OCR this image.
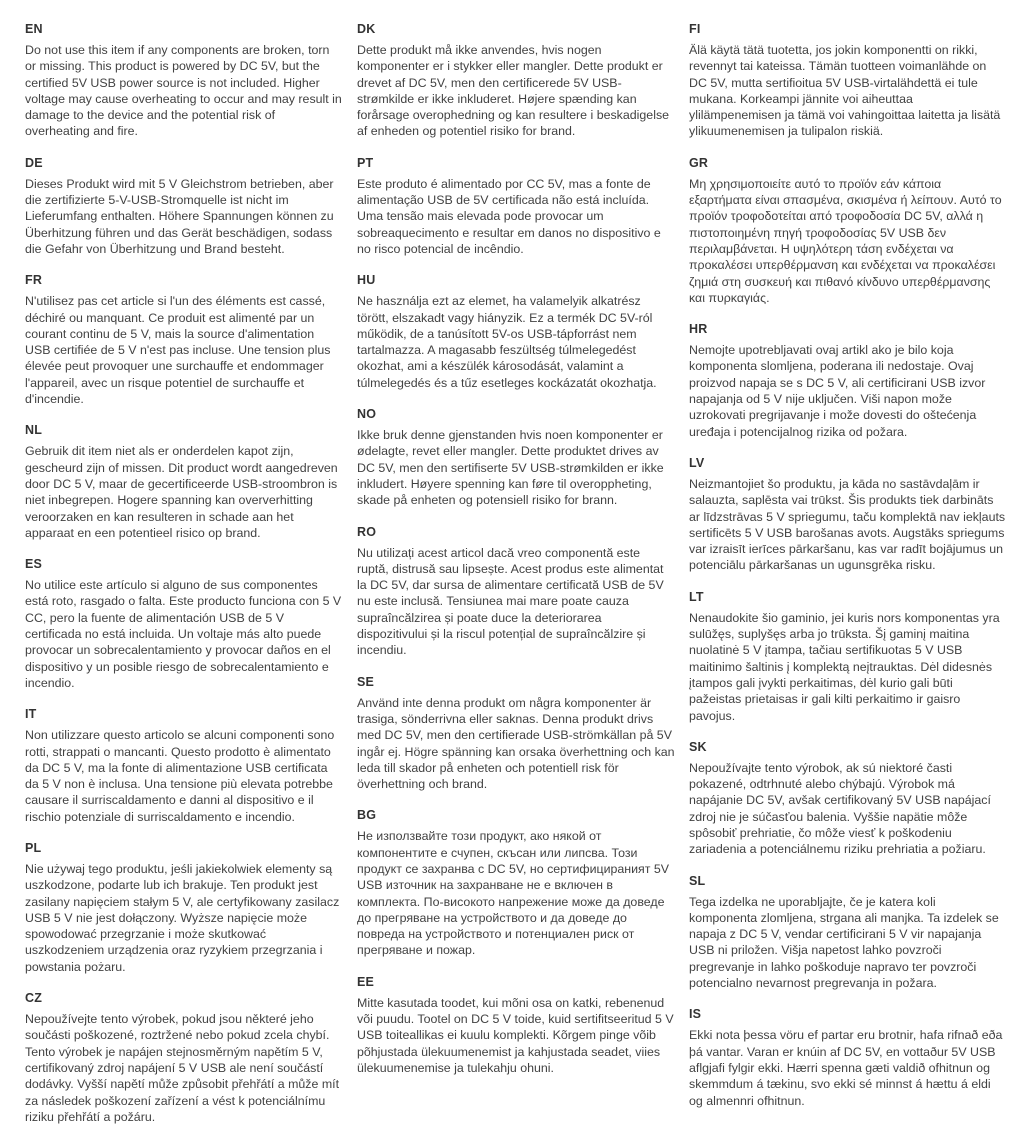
EN

Do not use this item if any components are broken, torn or missing. This product is powered by DC 5V, but the certified 5V USB power source is not included. Higher voltage may cause overheating to occur and may result in damage to the device and the potential risk of overheating and fire.

DE

Dieses Produkt wird mit 5 V Gleichstrom betrieben, aber die zertifizierte 5-V-USB-Stromquelle ist nicht im Lieferumfang enthalten. Höhere Spannungen können zu Überhitzung führen und das Gerät beschädigen, sodass die Gefahr von Überhitzung und Brand besteht.

FR

N'utilisez pas cet article si l'un des éléments est cassé, déchiré ou manquant. Ce produit est alimenté par un courant continu de 5 V, mais la source d'alimentation USB certifiée de 5 V n'est pas incluse. Une tension plus élevée peut provoquer une surchauffe et endommager l'appareil, avec un risque potentiel de surchauffe et d'incendie.

NL

Gebruik dit item niet als er onderdelen kapot zijn, gescheurd zijn of missen. Dit product wordt aangedreven door DC 5 V, maar de gecertificeerde USB-stroombron is niet inbegrepen. Hogere spanning kan oververhitting veroorzaken en kan resulteren in schade aan het apparaat en een potentieel risico op brand.

ES

No utilice este artículo si alguno de sus componentes está roto, rasgado o falta. Este producto funciona con 5 V CC, pero la fuente de alimentación USB de 5 V certificada no está incluida. Un voltaje más alto puede provocar un sobrecalentamiento y provocar daños en el dispositivo y un posible riesgo de sobrecalentamiento e incendio.

IT

Non utilizzare questo articolo se alcuni componenti sono rotti, strappati o mancanti. Questo prodotto è alimentato da DC 5 V, ma la fonte di alimentazione USB certificata da 5 V non è inclusa. Una tensione più elevata potrebbe causare il surriscaldamento e danni al dispositivo e il rischio potenziale di surriscaldamento e incendio.

PL

Nie używaj tego produktu, jeśli jakiekolwiek elementy są uszkodzone, podarte lub ich brakuje. Ten produkt jest zasilany napięciem stałym 5 V, ale certyfikowany zasilacz USB 5 V nie jest dołączony. Wyższe napięcie może spowodować przegrzanie i może skutkować uszkodzeniem urządzenia oraz ryzykiem przegrzania i powstania pożaru.

CZ

Nepoužívejte tento výrobek, pokud jsou některé jeho součásti poškozené, roztržené nebo pokud zcela chybí. Tento výrobek je napájen stejnosměrným napětím 5 V, certifikovaný zdroj napájení 5 V USB ale není součástí dodávky. Vyšší napětí může způsobit přehřátí a může mít za následek poškození zařízení a vést k potenciálnímu riziku přehřátí a požáru.

DK

Dette produkt må ikke anvendes, hvis nogen komponenter er i stykker eller mangler. Dette produkt er drevet af DC 5V, men den certificerede 5V USB-strømkilde er ikke inkluderet. Højere spænding kan forårsage overophedning og kan resultere i beskadigelse af enheden og potentiel risiko for brand.

PT

Este produto é alimentado por CC 5V, mas a fonte de alimentação USB de 5V certificada não está incluída. Uma tensão mais elevada pode provocar um sobreaquecimento e resultar em danos no dispositivo e no risco potencial de incêndio.

HU

Ne használja ezt az elemet, ha valamelyik alkatrész törött, elszakadt vagy hiányzik. Ez a termék DC 5V-ról működik, de a tanúsított 5V-os USB-tápforrást nem tartalmazza. A magasabb feszültség túlmelegedést okozhat, ami a készülék károsodását, valamint a túlmelegedés és a tűz esetleges kockázatát okozhatja.

NO

Ikke bruk denne gjenstanden hvis noen komponenter er ødelagte, revet eller mangler. Dette produktet drives av DC 5V, men den sertifiserte 5V USB-strømkilden er ikke inkludert. Høyere spenning kan føre til overoppheting, skade på enheten og potensiell risiko for brann.

RO

Nu utilizați acest articol dacă vreo componentă este ruptă, distrusă sau lipsește. Acest produs este alimentat la DC 5V, dar sursa de alimentare certificată USB de 5V nu este inclusă. Tensiunea mai mare poate cauza supraîncălzirea și poate duce la deteriorarea dispozitivului și la riscul potențial de supraîncălzire și incendiu.

SE

Använd inte denna produkt om några komponenter är trasiga, sönderrivna eller saknas. Denna produkt drivs med DC 5V, men den certifierade USB-strömkällan på 5V ingår ej. Högre spänning kan orsaka överhettning och kan leda till skador på enheten och potentiell risk för överhettning och brand.

BG

Не използвайте този продукт, ако някой от компонентите е счупен, скъсан или липсва. Този продукт се захранва с DC 5V, но сертифицираният 5V USB източник на захранване не е включен в комплекта. По-високото напрежение може да доведе до прегряване на устройството и да доведе до повреда на устройството и потенциален риск от прегряване и пожар.

EE

Mitte kasutada toodet, kui mõni osa on katki, rebenenud või puudu. Tootel on DC 5 V toide, kuid sertifitseeritud 5 V USB toiteallikas ei kuulu komplekti. Kõrgem pinge võib põhjustada ülekuumenemist ja kahjustada seadet, viies ülekuumenemise ja tulekahju ohuni.

FI

Älä käytä tätä tuotetta, jos jokin komponentti on rikki, revennyt tai kateissa. Tämän tuotteen voimanlähde on DC 5V, mutta sertifioitua 5V USB-virtalähdettä ei tule mukana. Korkeampi jännite voi aiheuttaa ylilämpenemisen ja tämä voi vahingoittaa laitetta ja lisätä ylikuumenemisen ja tulipalon riskiä.

GR

Μη χρησιμοποιείτε αυτό το προϊόν εάν κάποια εξαρτήματα είναι σπασμένα, σκισμένα ή λείπουν. Αυτό το προϊόν τροφοδοτείται από τροφοδοσία DC 5V, αλλά η πιστοποιημένη πηγή τροφοδοσίας 5V USB δεν περιλαμβάνεται. Η υψηλότερη τάση ενδέχεται να προκαλέσει υπερθέρμανση και ενδέχεται να προκαλέσει ζημιά στη συσκευή και πιθανό κίνδυνο υπερθέρμανσης και πυρκαγιάς.

HR

Nemojte upotrebljavati ovaj artikl ako je bilo koja komponenta slomljena, poderana ili nedostaje. Ovaj proizvod napaja se s DC 5 V, ali certificirani USB izvor napajanja od 5 V nije uključen. Viši napon može uzrokovati pregrijavanje i može dovesti do oštećenja uređaja i potencijalnog rizika od požara.

LV

Neizmantojiet šo produktu, ja kāda no sastāvdaļām ir salauzta, saplēsta vai trūkst. Šis produkts tiek darbināts ar līdzstrāvas 5 V spriegumu, taču komplektā nav iekļauts sertificēts 5 V USB barošanas avots. Augstāks spriegums var izraisīt ierīces pārkaršanu, kas var radīt bojājumus un potenciālu pārkaršanas un ugunsgrēka risku.

LT

Nenaudokite šio gaminio, jei kuris nors komponentas yra sulūžęs, suplyšęs arba jo trūksta. Šį gaminį maitina nuolatinė 5 V įtampa, tačiau sertifikuotas 5 V USB maitinimo šaltinis į komplektą neįtrauktas. Dėl didesnės įtampos gali įvykti perkaitimas, dėl kurio gali būti pažeistas prietaisas ir gali kilti perkaitimo ir gaisro pavojus.

SK

Nepoužívajte tento výrobok, ak sú niektoré časti pokazené, odtrhnuté alebo chýbajú. Výrobok má napájanie DC 5V, avšak certifikovaný 5V USB napájací zdroj nie je súčasťou balenia. Vyššie napätie môže spôsobiť prehriatie, čo môže viesť k poškodeniu zariadenia a potenciálnemu riziku prehriatia a požiaru.

SL

Tega izdelka ne uporabljajte, če je katera koli komponenta zlomljena, strgana ali manjka. Ta izdelek se napaja z DC 5 V, vendar certificirani 5 V vir napajanja USB ni priložen. Višja napetost lahko povzroči pregrevanje in lahko poškoduje napravo ter povzroči potencialno nevarnost pregrevanja in požara.

IS

Ekki nota þessa vöru ef partar eru brotnir, hafa rifnað eða þá vantar. Varan er knúin af DC 5V, en vottaður 5V USB aflgjafi fylgir ekki. Hærri spenna gæti valdið ofhitnun og skemmdum á tækinu, svo ekki sé minnst á hættu á eldi og almennri ofhitnun.
